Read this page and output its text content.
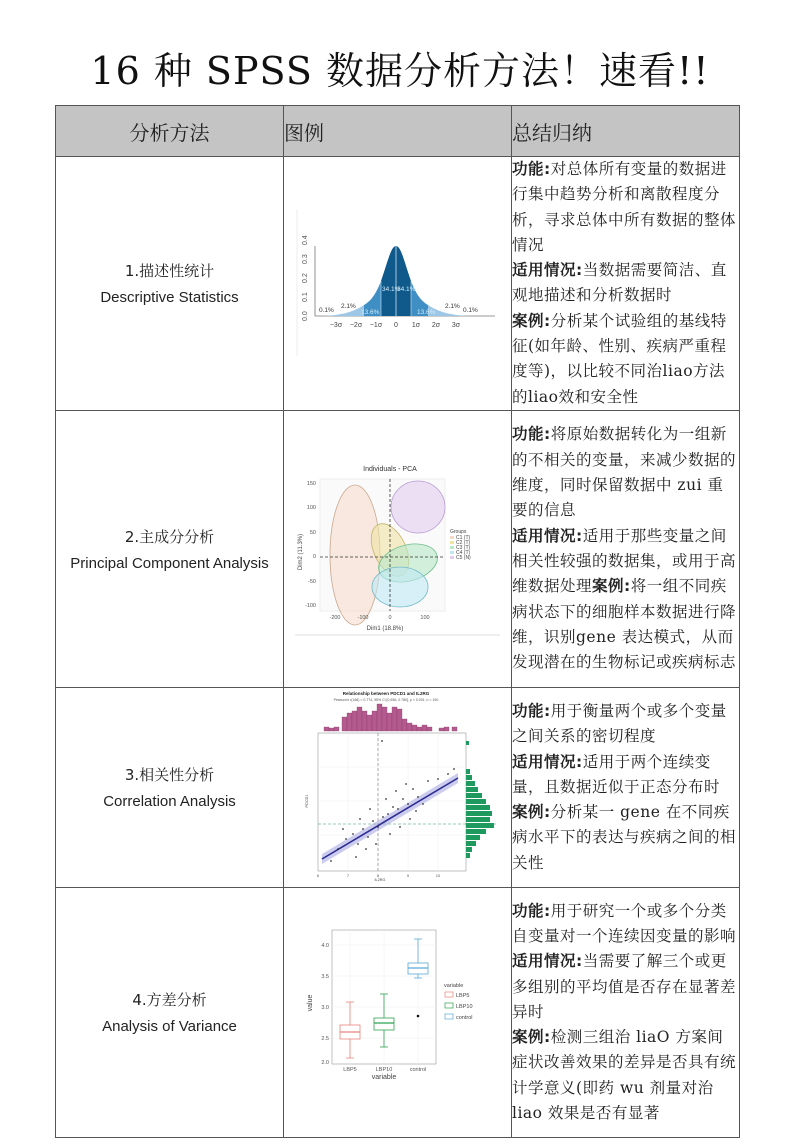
16 种 SPSS 数据分析方法！速看!!
分析方法	图例	总结归纳

1.描述性统计
Descriptive Statistics

0.0
0.1
0.2
0.3
0.4
0.1%
2.1%
13.6%
34.1%
34.1%
13.6%
2.1%
0.1%
−3σ −2σ −1σ 0 1σ 2σ 3σ
	功能:对总体所有变量的数据进行集中趋势分析和离散程度分析，寻求总体中所有数据的整体情况
适用情况:当数据需要简洁、直观地描述和分析数据时
案例:分析某个试验组的基线特征(如年龄、性别、疾病严重程度等)，以比较不同治liao方法的liao效和安全性

2.主成分分析
Principal Component Analysis

Individuals - PCA
150
100
50
0
-50
-100
Dim2 (11.3%)
-200	-100	0	100
Dim1 (18.8%)
Groups
C1 (T)
C2 (T)
C3 (T)
C4 (T)
C5 (N)
	功能:将原始数据转化为一组新的不相关的变量，来减少数据的维度，同时保留数据中 zui 重要的信息
适用情况:适用于那些变量之间相关性较强的数据集，或用于高维数据处理案例:将一组不同疾病状态下的细胞样本数据进行降维，识别gene 表达模式，从而发现潜在的生物标记或疾病标志

3.相关性分析
Correlation Analysis

Relationship between PDCD1 and IL2RG
Pearson's r(168) = 0.774, 95% CI [0.636, 0.780], p < 0.001, n = 190
6	7	8	9	10
IL2RG
PDCD1
	功能:用于衡量两个或多个变量之间关系的密切程度
适用情况:适用于两个连续变量，且数据近似于正态分布时
案例:分析某一 gene 在不同疾病水平下的表达与疾病之间的相关性

4.方差分析
Analysis of Variance

4.0
3.5
3.0
2.5
2.0
value
LBP5	LBP10	control
variable
variable
LBP5
LBP10
control
	功能:用于研究一个或多个分类自变量对一个连续因变量的影响
适用情况:当需要了解三个或更多组别的平均值是否存在显著差异时
案例:检测三组治 liaO 方案间症状改善效果的差异是否具有统计学意义(即药 wu 剂量对治 liao 效果是否有显著
